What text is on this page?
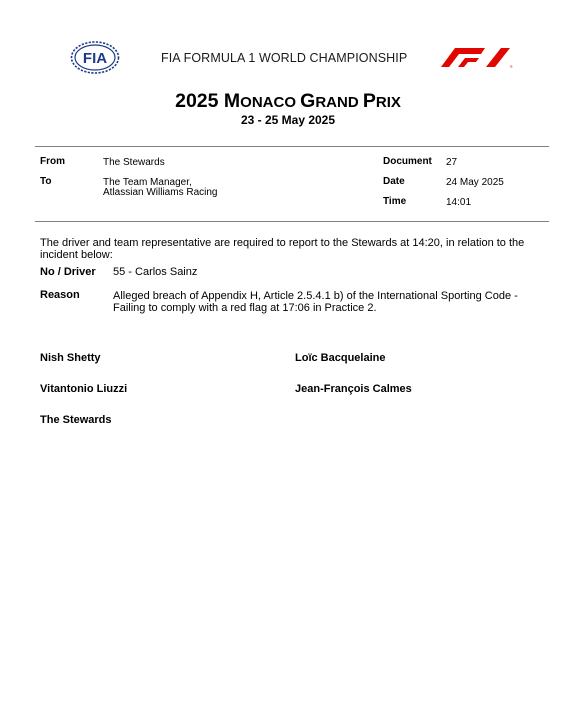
FIA	FIA FORMULA 1 WORLD CHAMPIONSHIP
®
2025 MONACO GRAND PRIX
23 - 25 May 2025
From	The Stewards
To	The Team Manager,
Atlassian Williams Racing
Document 27
Date	24 May 2025
Time	14:01
The driver and team representative are required to report to the Stewards at 14:20, in relation to the
incident below:
No / Driver 55 - Carlos Sainz
Reason	Alleged breach of Appendix H, Article 2.5.4.1 b) of the International Sporting Code -
Failing to comply with a red flag at 17:06 in Practice 2.
Nish Shetty
Vitantonio Liuzzi
The Stewards
Loïc Bacquelaine
Jean-François Calmes
